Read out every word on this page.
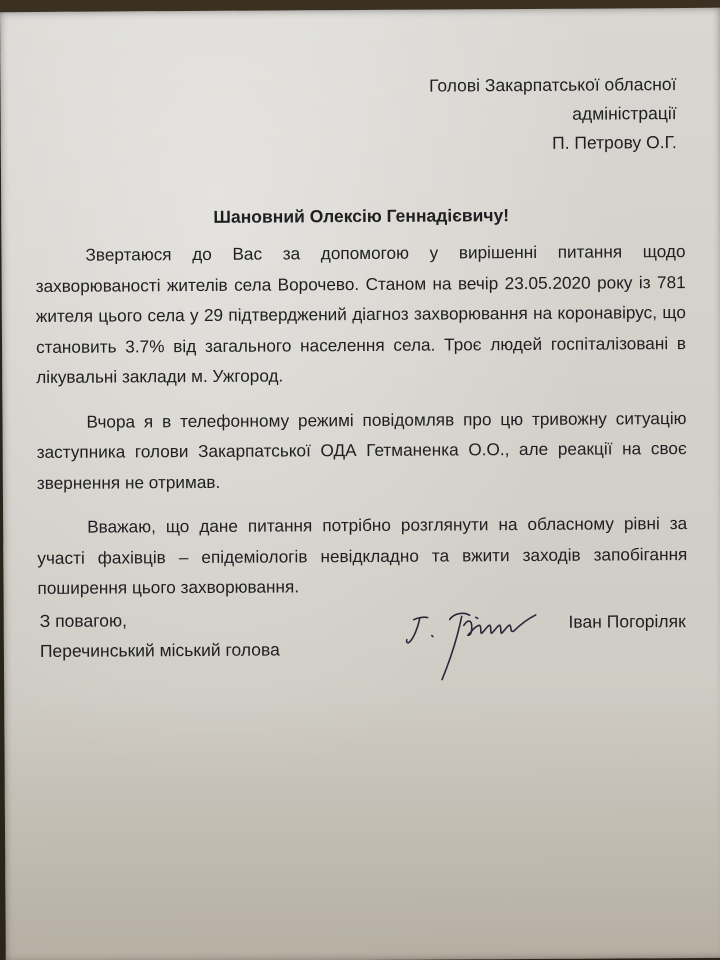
Голові Закарпатської обласної
адміністрації
П. Петрову О.Г.
Шановний Олексію Геннадієвичу!

Звертаюся до Вас за допомогою у вирішенні питання щодо захворюваності жителів села Ворочево. Станом на вечір 23.05.2020 року із 781 жителя цього села у 29 підтверджений діагноз захворювання на коронавірус, що становить 3.7% від загального населення села. Троє людей госпіталізовані в лікувальні заклади м. Ужгород.

Вчора я в телефонному режимі повідомляв про цю тривожну ситуацію заступника голови Закарпатської ОДА Гетманенка О.О., але реакції на своє звернення не отримав.

Вважаю, що дане питання потрібно розглянути на обласному рівні за участі фахівців – епідеміологів невідкладно та вжити заходів запобігання поширення цього захворювання.

З повагою,
Перечинський міський голова
Іван Погоріляк
